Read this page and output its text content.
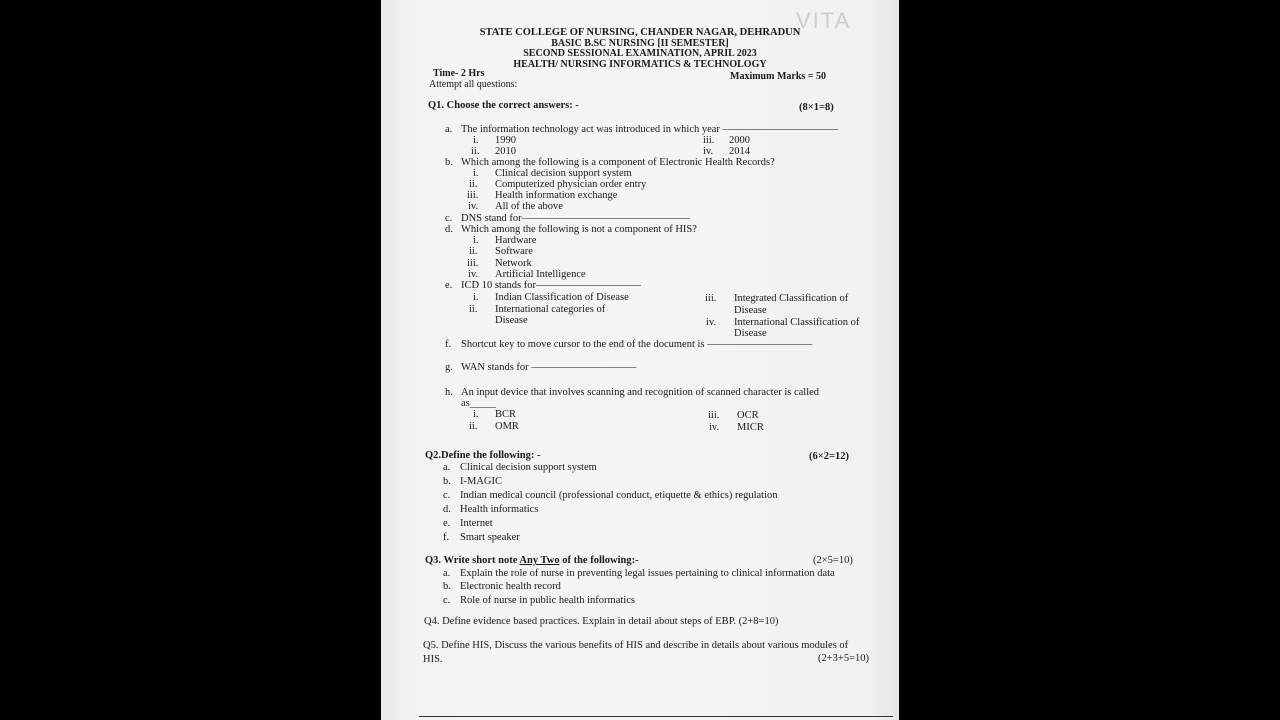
STATE COLLEGE OF NURSING, CHANDER NAGAR, DEHRADUN
BASIC B.SC NURSING [II SEMESTER]
SECOND SESSIONAL EXAMINATION, APRIL 2023
HEALTH/ NURSING INFORMATICS & TECHNOLOGY
Time- 2 Hrs	Maximum Marks = 50
Attempt all questions:
Q1. Choose the correct answers: -	(8×1=8)
a. The information technology act was introduced in which year ———————————
i. 1990
ii. 2010
iii. 2000
iv. 2014
b. Which among the following is a component of Electronic Health Records?
i. Clinical decision support system
ii. Computerized physician order entry
iii. Health information exchange
iv. All of the above
c. DNS stand for————————————————
d. Which among the following is not a component of HIS?
i. Hardware
ii. Software
iii. Network
iv. Artificial Intelligence
e. ICD 10 stands for——————————
i. Indian Classification of Disease
ii. International categories of
Disease
iii. Integrated Classification of
Disease
iv. International Classification of
Disease
f. Shortcut key to move cursor to the end of the document is ——————————
g. WAN stands for ——————————
h. An input device that involves scanning and recognition of scanned character is called
as_____
i. BCR
ii. OMR
iii. OCR
iv. MICR
Q2.Define the following: -	(6×2=12)
a. Clinical decision support system
b. I-MAGIC
c. Indian medical council (professional conduct, etiquette & ethics) regulation
d. Health informatics
e. Internet
f. Smart speaker
Q3. Write short note Any Two of the following:-	(2×5=10)
a. Explain the role of nurse in preventing legal issues pertaining to clinical information data
b. Electronic health record
c. Role of nurse in public health informatics
Q4. Define evidence based practices. Explain in detail about steps of EBP. (2+8=10)
Q5. Define HIS, Discuss the various benefits of HIS and describe in details about various modules of
HIS.	(2+3+5=10)
VITA
